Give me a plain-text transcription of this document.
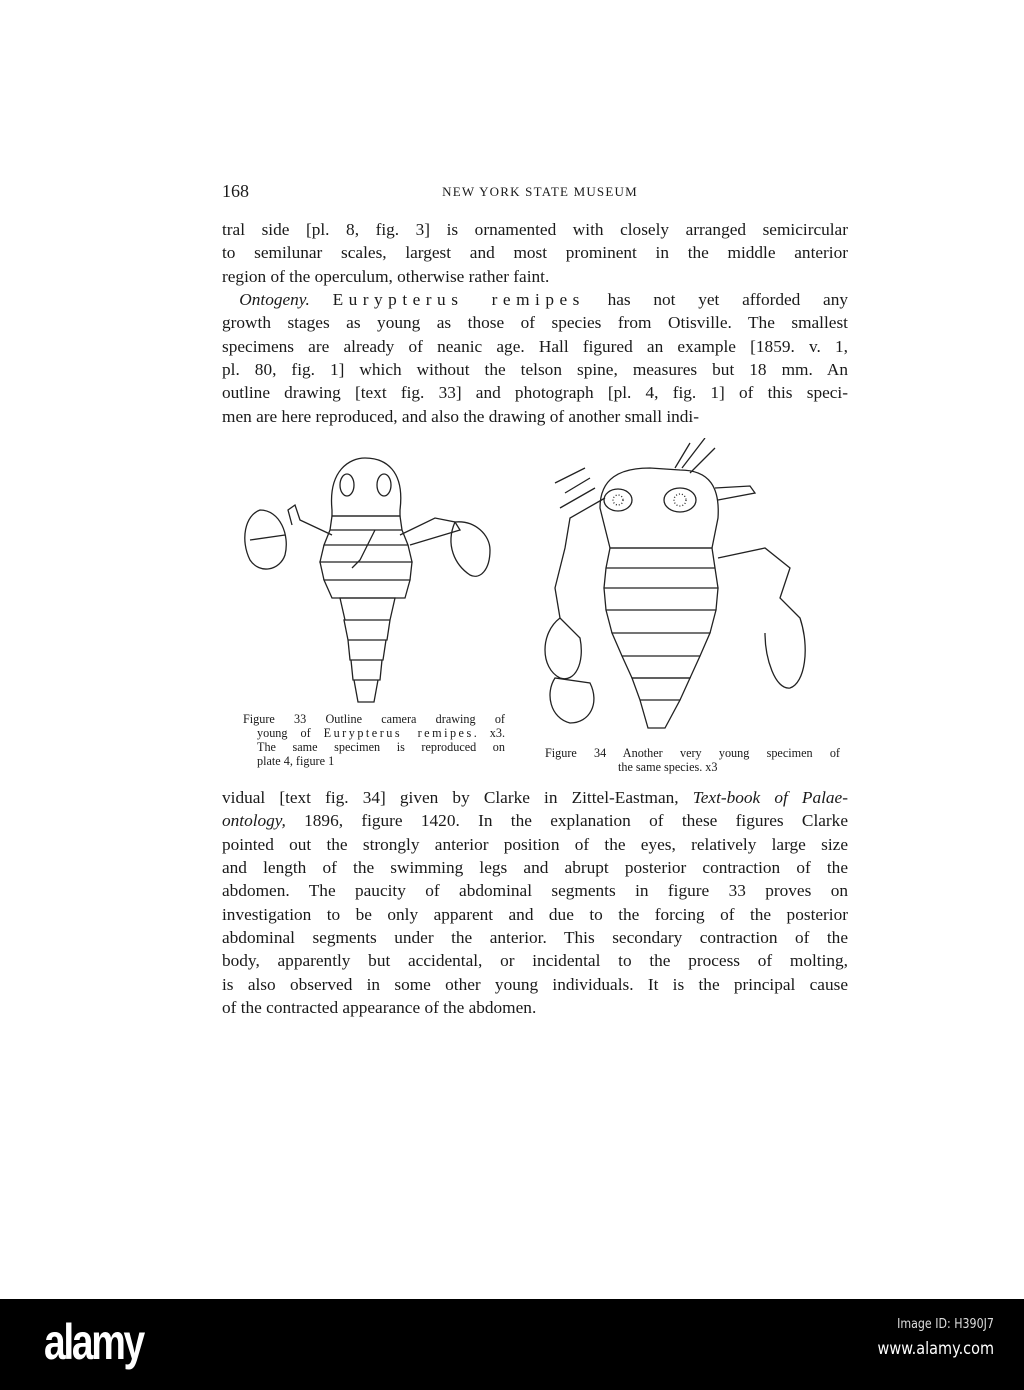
168	NEW YORK STATE MUSEUM
tral side [pl. 8, fig. 3] is ornamented with closely arranged semicircular
to semilunar scales, largest and most prominent in the middle anterior
region of the operculum, otherwise rather faint.
 Ontogeny. Eurypterus remipes has not yet afforded any
growth stages as young as those of species from Otisville. The smallest
specimens are already of neanic age. Hall figured an example [1859. v. 1,
pl. 80, fig. 1] which without the telson spine, measures but 18 mm. An
outline drawing [text fig. 33] and photograph [pl. 4, fig. 1] of this speci-
men are here reproduced, and also the drawing of another small indi-
vidual [text fig. 34] given by Clarke in Zittel-Eastman, Text-book of Palae-
ontology, 1896, figure 1420. In the explanation of these figures Clarke
pointed out the strongly anterior position of the eyes, relatively large size
and length of the swimming legs and abrupt posterior contraction of the
abdomen. The paucity of abdominal segments in figure 33 proves on
investigation to be only apparent and due to the forcing of the posterior
abdominal segments under the anterior. This secondary contraction of the
body, apparently but accidental, or incidental to the process of molting,
is also observed in some other young individuals. It is the principal cause
of the contracted appearance of the abdomen.
Figure 33 Outline camera drawing of
young of Eurypterus remipes. x3.
The same specimen is reproduced on
plate 4, figure 1
Figure 34 Another very young specimen of
the same species. x3
alamy	Image ID: H390J7
www.alamy.com
